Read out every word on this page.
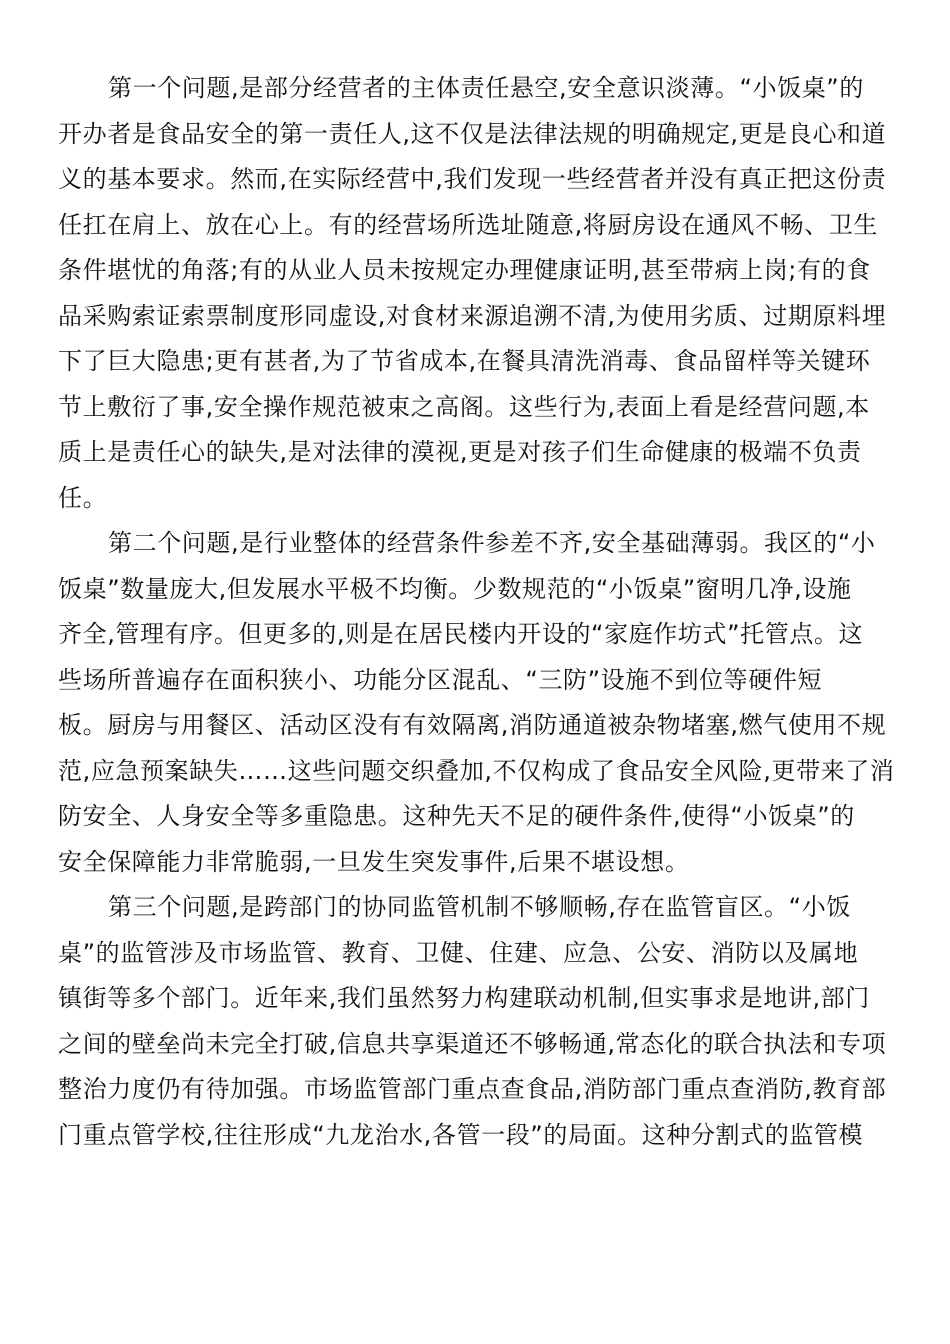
第一个问题,是部分经营者的主体责任悬空,安全意识淡薄。“小饭桌”的
开办者是食品安全的第一责任人,这不仅是法律法规的明确规定,更是良心和道
义的基本要求。然而,在实际经营中,我们发现一些经营者并没有真正把这份责
任扛在肩上、放在心上。有的经营场所选址随意,将厨房设在通风不畅、卫生
条件堪忧的角落;有的从业人员未按规定办理健康证明,甚至带病上岗;有的食
品采购索证索票制度形同虚设,对食材来源追溯不清,为使用劣质、过期原料埋
下了巨大隐患;更有甚者,为了节省成本,在餐具清洗消毒、食品留样等关键环
节上敷衍了事,安全操作规范被束之高阁。这些行为,表面上看是经营问题,本
质上是责任心的缺失,是对法律的漠视,更是对孩子们生命健康的极端不负责
任。
第二个问题,是行业整体的经营条件参差不齐,安全基础薄弱。我区的“小
饭桌”数量庞大,但发展水平极不均衡。少数规范的“小饭桌”窗明几净,设施
齐全,管理有序。但更多的,则是在居民楼内开设的“家庭作坊式”托管点。这
些场所普遍存在面积狭小、功能分区混乱、“三防”设施不到位等硬件短
板。厨房与用餐区、活动区没有有效隔离,消防通道被杂物堵塞,燃气使用不规
范,应急预案缺失……这些问题交织叠加,不仅构成了食品安全风险,更带来了消
防安全、人身安全等多重隐患。这种先天不足的硬件条件,使得“小饭桌”的
安全保障能力非常脆弱,一旦发生突发事件,后果不堪设想。
第三个问题,是跨部门的协同监管机制不够顺畅,存在监管盲区。“小饭
桌”的监管涉及市场监管、教育、卫健、住建、应急、公安、消防以及属地
镇街等多个部门。近年来,我们虽然努力构建联动机制,但实事求是地讲,部门
之间的壁垒尚未完全打破,信息共享渠道还不够畅通,常态化的联合执法和专项
整治力度仍有待加强。市场监管部门重点查食品,消防部门重点查消防,教育部
门重点管学校,往往形成“九龙治水,各管一段”的局面。这种分割式的监管模
